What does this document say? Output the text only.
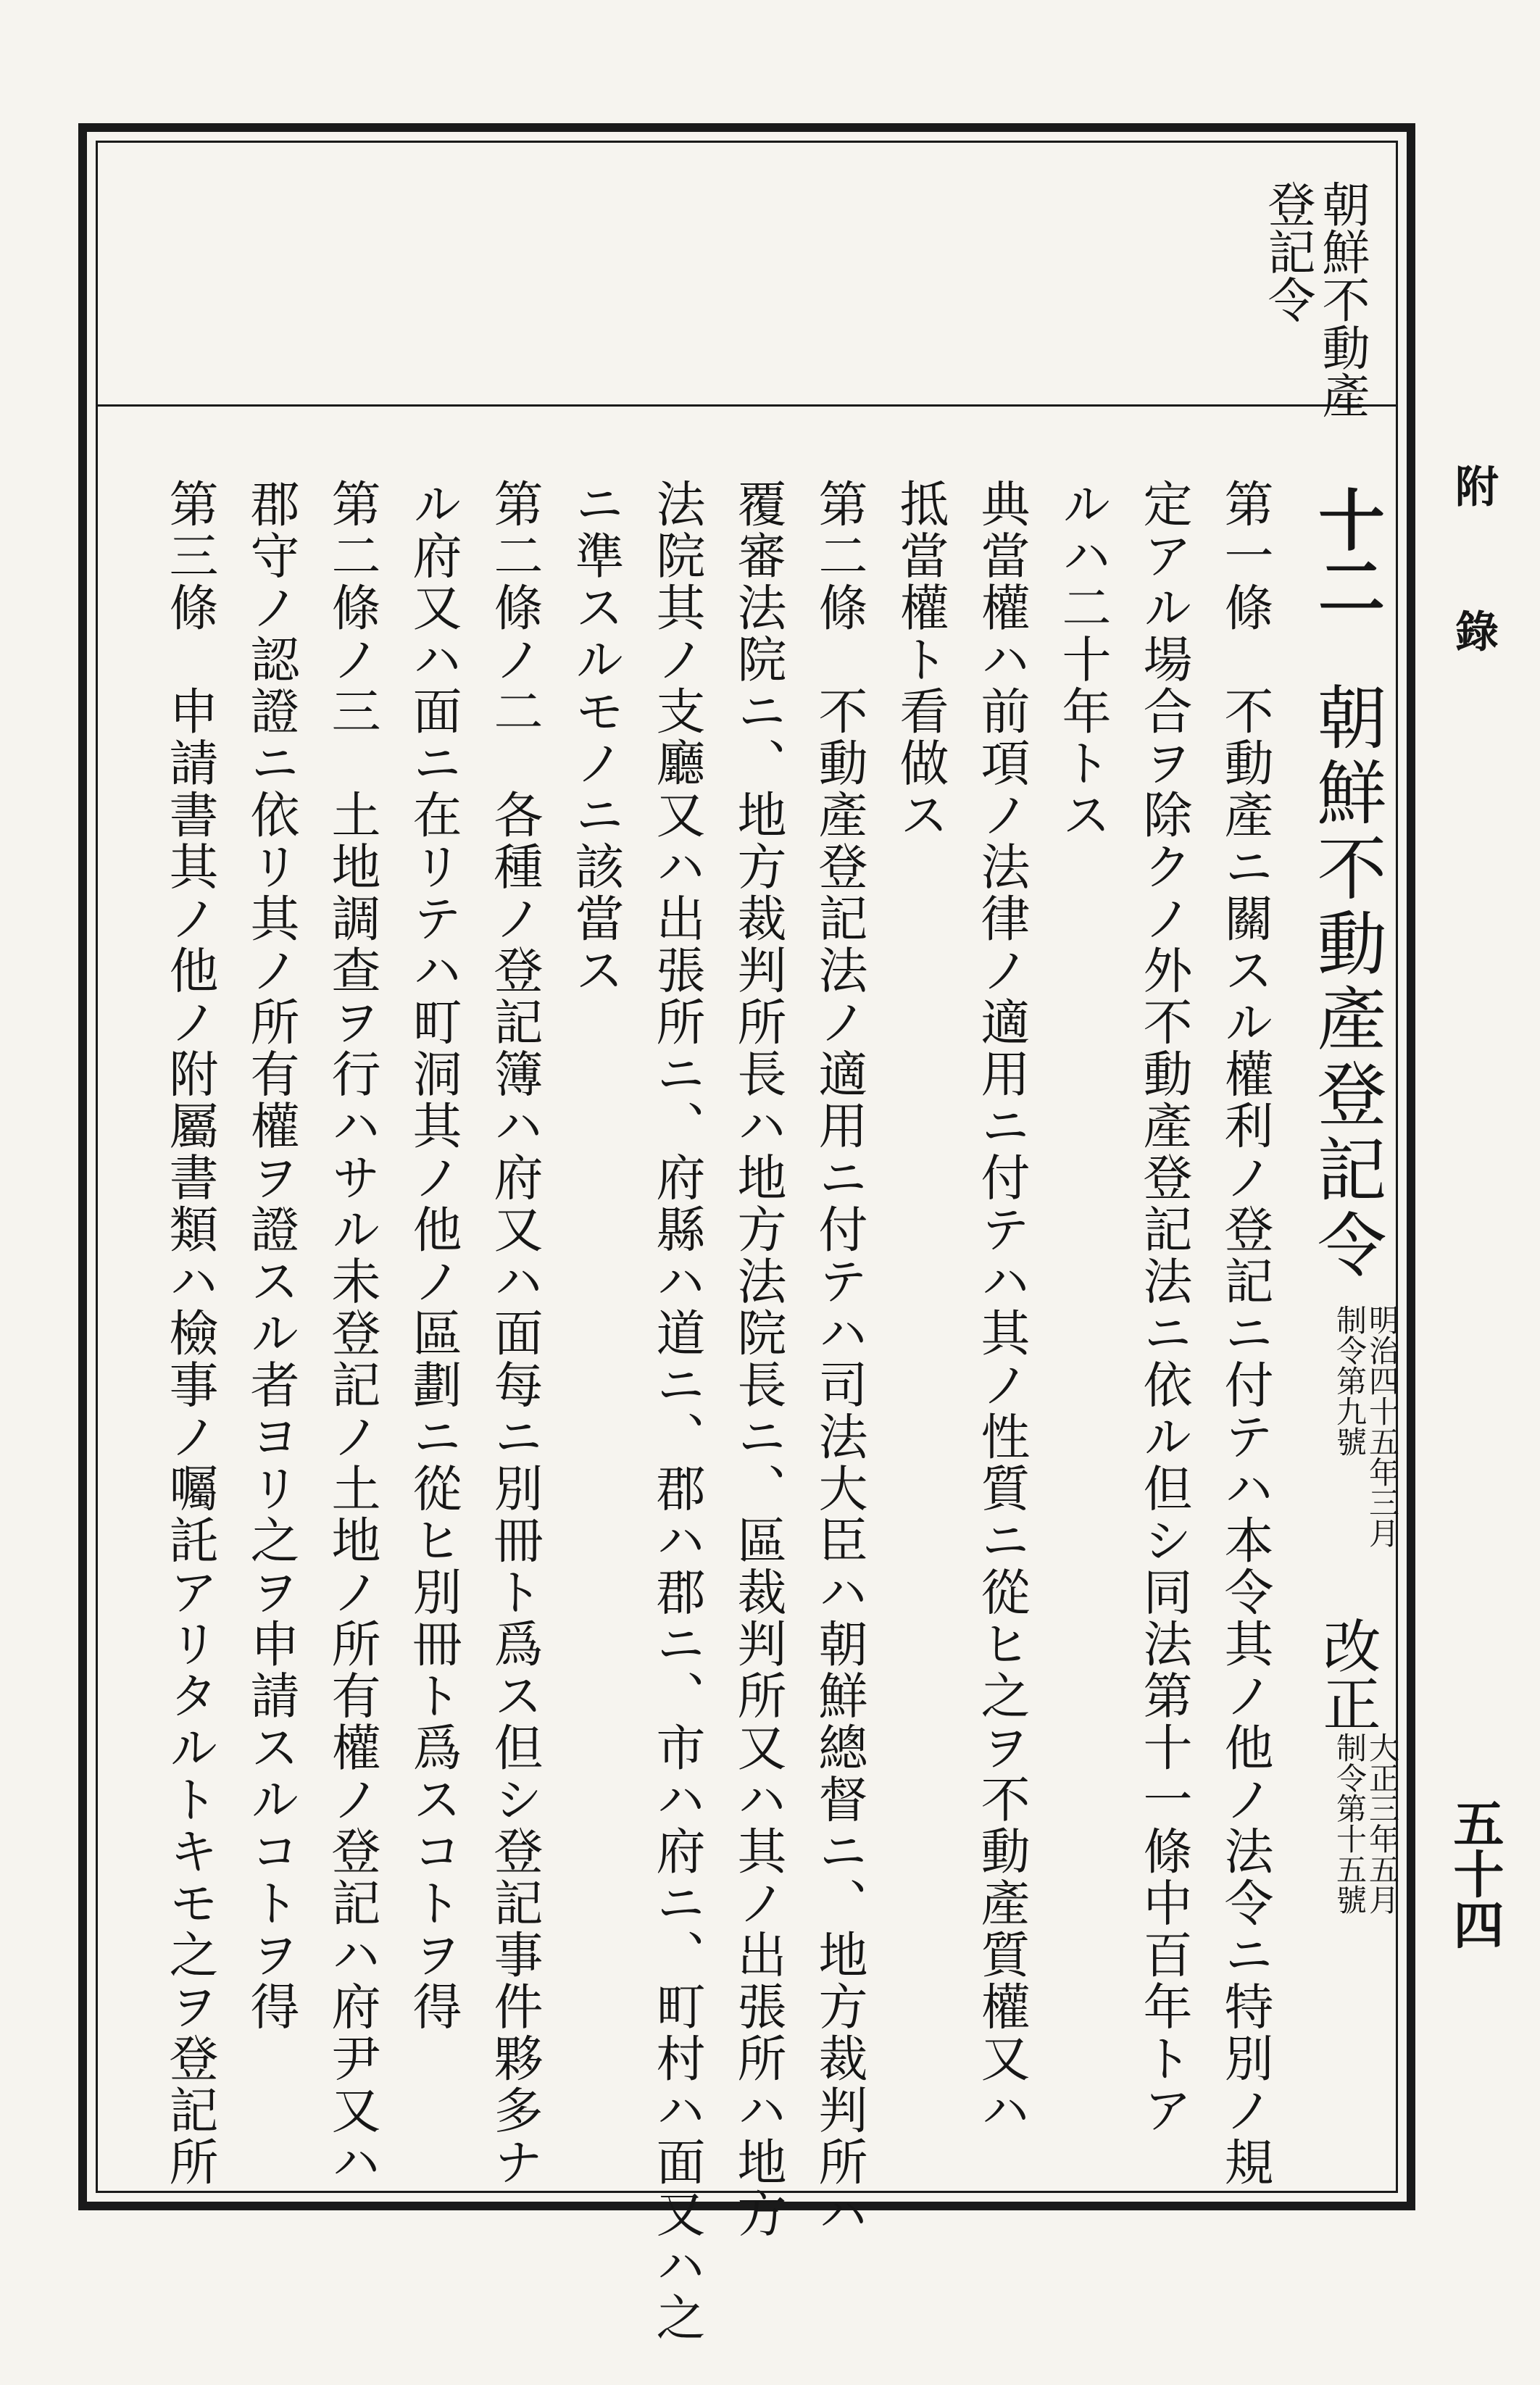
朝鮮不動產
登記令
附錄
五十四
十二
朝鮮不動產登記令
明治四十五年三月
制令第九號
改正
大正三年五月
制令第十五號
第一條　不動產ニ關スル權利ノ登記ニ付テハ本令其ノ他ノ法令ニ特別ノ規
定アル場合ヲ除クノ外不動產登記法ニ依ル但シ同法第十一條中百年トア
ルハ二十年トス
典當權ハ前項ノ法律ノ適用ニ付テハ其ノ性質ニ從ヒ之ヲ不動產質權又ハ
抵當權ト看做ス
第二條　不動產登記法ノ適用ニ付テハ司法大臣ハ朝鮮總督ニ、地方裁判所ハ
覆審法院ニ、地方裁判所長ハ地方法院長ニ、區裁判所又ハ其ノ出張所ハ地方
法院其ノ支廳又ハ出張所ニ、府縣ハ道ニ、郡ハ郡ニ、市ハ府ニ、町村ハ面又ハ之
ニ準スルモノニ該當ス
第二條ノ二　各種ノ登記簿ハ府又ハ面每ニ別冊ト爲ス但シ登記事件夥多ナ
ル府又ハ面ニ在リテハ町洞其ノ他ノ區劃ニ從ヒ別冊ト爲スコトヲ得
第二條ノ三　土地調查ヲ行ハサル未登記ノ土地ノ所有權ノ登記ハ府尹又ハ
郡守ノ認證ニ依リ其ノ所有權ヲ證スル者ヨリ之ヲ申請スルコトヲ得
第三條　申請書其ノ他ノ附屬書類ハ檢事ノ囑託アリタルトキモ之ヲ登記所
